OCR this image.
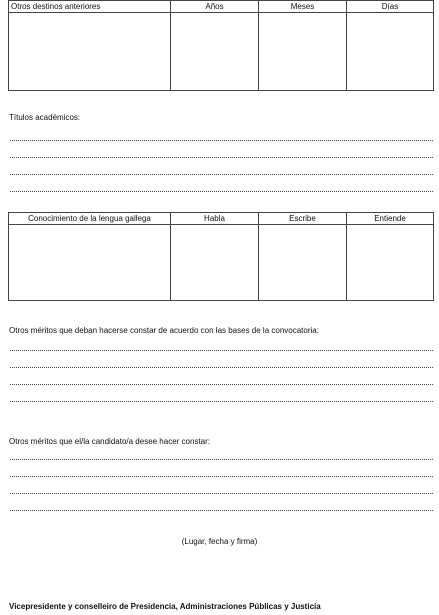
Otros destinos anteriores	Años	Meses	Días

Títulos académicos:
Conocimiento de la lengua gallega	Habla	Escribe	Entiende

Otros méritos que deban hacerse constar de acuerdo con las bases de la convocatoria:
Otros méritos que el/la candidato/a desee hacer constar:
(Lugar, fecha y firma)
Vicepresidente y conselleiro de Presidencia, Administraciones Públicas y Justicia
